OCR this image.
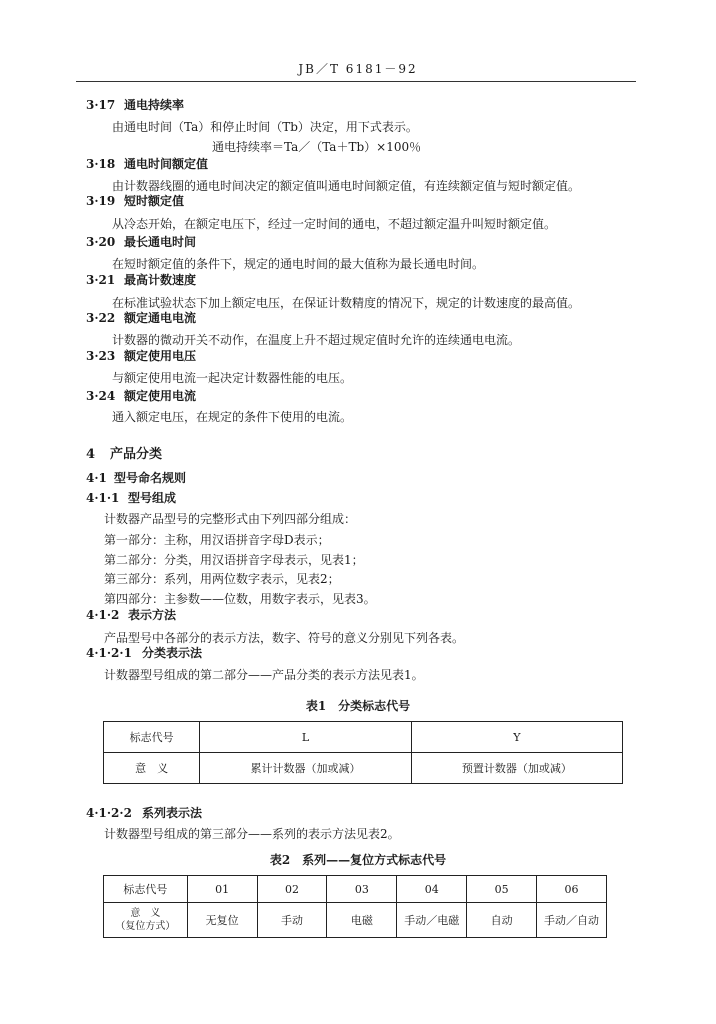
JB／T 6181－92
3·17 通电持续率
由通电时间（Ta）和停止时间（Tb）决定，用下式表示。
通电持续率＝Ta／（Ta＋Tb）×100％
3·18 通电时间额定值
由计数器线圈的通电时间决定的额定值叫通电时间额定值，有连续额定值与短时额定值。
3·19 短时额定值
从冷态开始，在额定电压下，经过一定时间的通电，不超过额定温升叫短时额定值。
3·20 最长通电时间
在短时额定值的条件下，规定的通电时间的最大值称为最长通电时间。
3·21 最高计数速度
在标准试验状态下加上额定电压，在保证计数精度的情况下，规定的计数速度的最高值。
3·22 额定通电电流
计数器的微动开关不动作，在温度上升不超过规定值时允许的连续通电电流。
3·23 额定使用电压
与额定使用电流一起决定计数器性能的电压。
3·24 额定使用电流
通入额定电压，在规定的条件下使用的电流。
4 产品分类
4·1 型号命名规则
4·1·1 型号组成
计数器产品型号的完整形式由下列四部分组成：
第一部分：主称，用汉语拼音字母D表示；
第二部分：分类，用汉语拼音字母表示，见表1；
第三部分：系列，用两位数字表示，见表2；
第四部分：主参数——位数，用数字表示，见表3。
4·1·2 表示方法
产品型号中各部分的表示方法，数字、符号的意义分别见下列各表。
4·1·2·1 分类表示法
计数器型号组成的第二部分——产品分类的表示方法见表1。
表1　分类标志代号
标志代号	L	Y
意　义	累计计数器（加或减）	预置计数器（加或减）
4·1·2·2 系列表示法
计数器型号组成的第三部分——系列的表示方法见表2。
表2　系列——复位方式标志代号
标志代号	01	02	03	04	05	06

意　义
（复位方式）	无复位	手动	电磁	手动／电磁	自动	手动／自动
